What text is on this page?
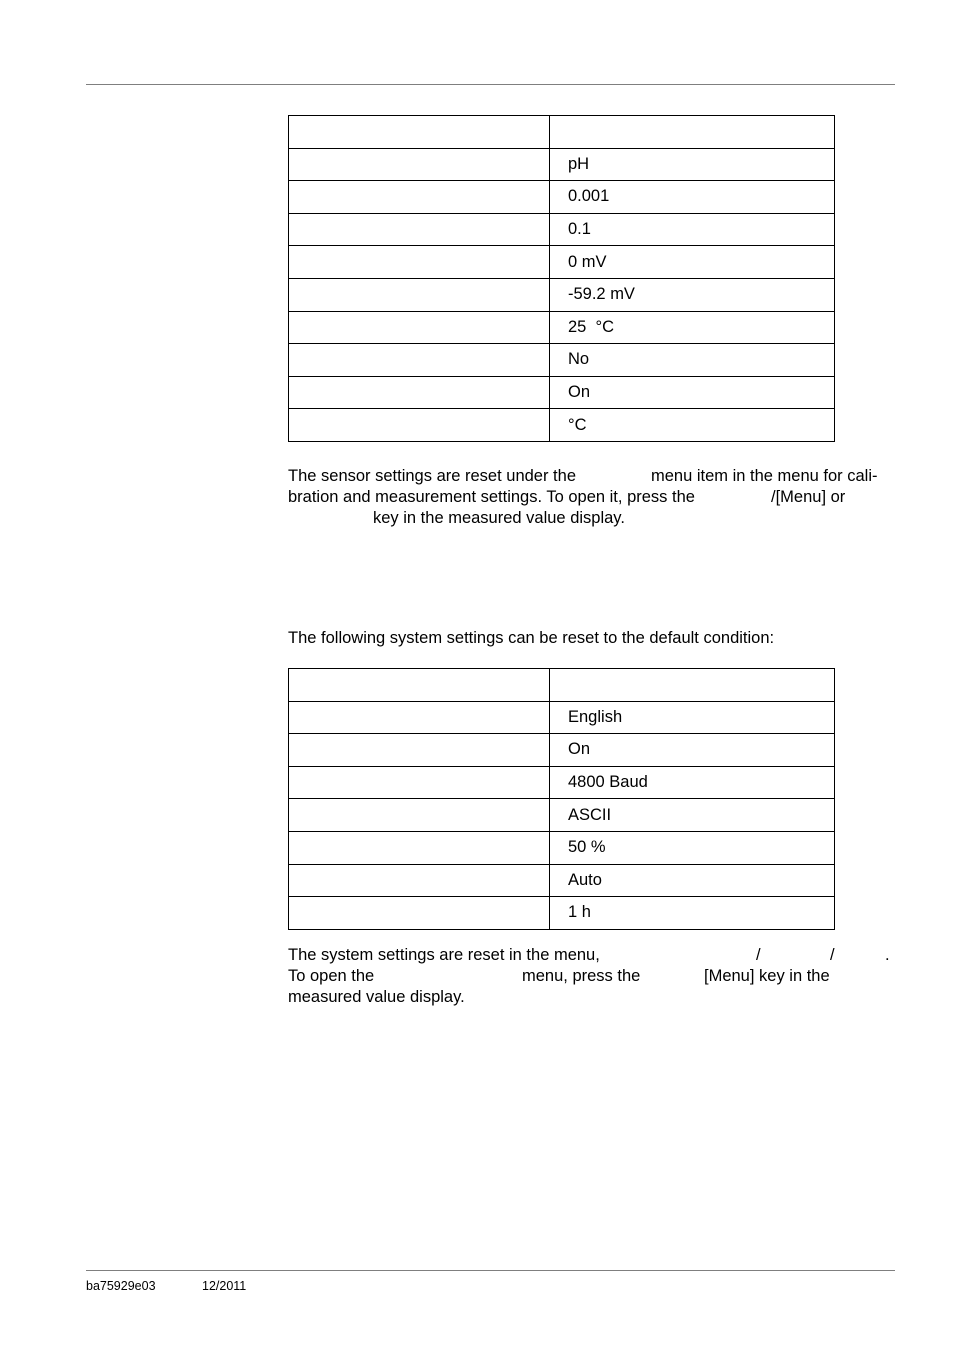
	pH
	0.001
	0.1
	0 mV
	-59.2 mV
	25  °C
	No
	On
	°C

The sensor settings are reset under the

	menu item in the menu for cali-

bration and measurement settings. To open it, press the

	/[Menu] or

key in the measured value display.

The following system settings can be reset to the default condition:

	English
	On
	4800 Baud
	ASCII
	50 %
	Auto
	1 h

The system settings are reset in the menu,

	/

	/

	.

To open the

	menu, press the

	[Menu] key in the

measured value display.

ba75929e03	12/2011
